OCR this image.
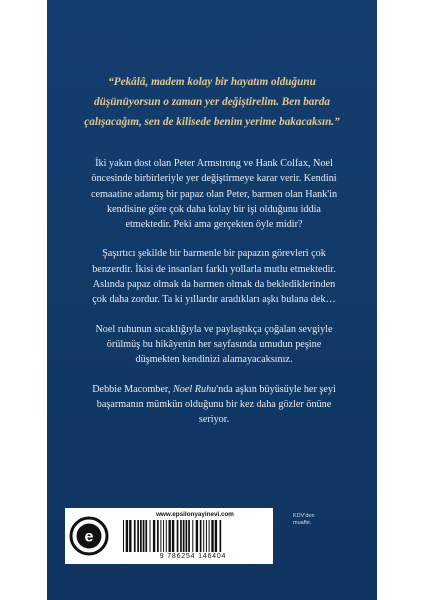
“Pekâlâ, madem kolay bir hayatım olduğunu
düşünüyorsun o zaman yer değiştirelim. Ben barda
çalışacağım, sen de kilisede benim yerime bakacaksın.”

İki yakın dost olan Peter Armstrong ve Hank Colfax, Noel öncesinde birbirleriyle yer değiştirmeye karar verir. Kendini cemaatine adamış bir papaz olan Peter, barmen olan Hank'in kendisine göre çok daha kolay bir işi olduğunu iddia etmektedir. Peki ama gerçekten öyle midir?

Şaşırtıcı şekilde bir barmenle bir papazın görevleri çok benzerdir. İkisi de insanları farklı yollarla mutlu etmektedir. Aslında papaz olmak da barmen olmak da beklediklerinden çok daha zordur. Ta ki yıllardır aradıkları aşkı bulana dek…

Noel ruhunun sıcaklığıyla ve paylaştıkça çoğalan sevgiyle örülmüş bu hikâyenin her sayfasında umudun peşine düşmekten kendinizi alamayacaksınız.

Debbie Macomber, Noel Ruhu'nda aşkın büyüsüyle her şeyi başarmanın mümkün olduğunu bir kez daha gözler önüne seriyor.

e
www.epsilonyayinevi.com
9 786254 146404
KDV'den
muaftır.
